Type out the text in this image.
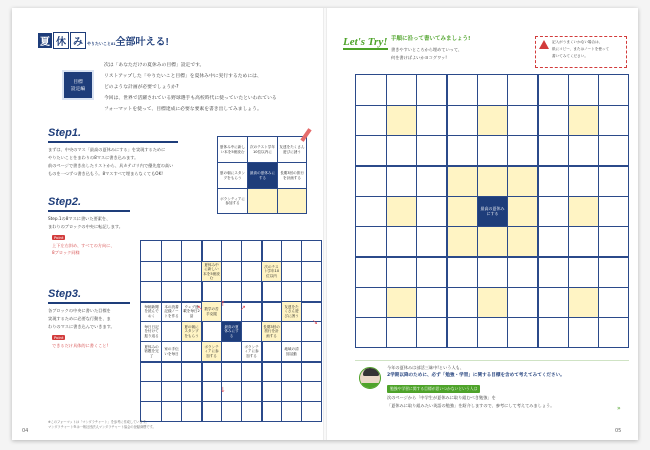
夏 休 み やりたいこと81全部叶える!
目標
設定編
次は「あなただけの夏休みの目標」設定です。
リストアップした「やりたいこと目標」を夏休み中に実行するためには、
どのような計画が必要でしょうか?
今回は、世界で活躍されている野球選手も高校時代に使っていたといわれている
フォーマットを使って、目標達成に必要な要素を書き出してみましょう。
Step1.
まずは、中央のマス「最高の夏休みにする」を実現するために
やりたいことをまわりの8マスに書き込みます。
前のページで書き出したリストから、具カテゴリ内で優先度の高い
ものを一つずつ書き込もう。8マスすべて埋まらなくてもOK!
夏休み中に新しい本を5冊読む
次のテスト学年10位以内に
友達をたくさん遊びに誘う
夏の朝にスタンプをもらう
最高の夏休みにする
長期3回の旅行を計画する
ボランティアに参加する
Step2.
Step.1の8マスに書いた要素を、
まわりのブロックの中央に転記します。
Point
上下左右斜め、すべての方向に、
8ブロック同様
Step3.
各ブロックの中央に書いた目標を
実現するために必要な行動を、ま
わりのマスに書き込んでいきます。
Point
できるだけ具体的に書くこと!
夏休み中に新しい本を5冊読む
次のテスト学年10位以内
毎朝新聞を読んでおく
本の読書記録ノートを作る
ウェブ連載を毎日2話
数学の苦手克服
友達をたくさん遊びに誘う
毎日日記を付けて振り返る
夏の朝にスタンプをもらう
最高の夏休みにする
長期3回の旅行を計画する
夏休みの宿題を完了
ボランティアに参加する
家の手伝いを毎日
ボランティアに参加する
地域の清掃活動
↑
↖	↗
↓
↘
※このフォーマットは「マンダラチャート」を参考に作成しています。
マンダラチャート®は一般社団法人マンダラチャート協会の登録商標です。
04
Let's Try! 手順に沿って書いてみましょう!
書きやすいところから埋めていって、
何を書けばよいかヨコグワッ!
記入がうまくいかない場合は、
紙にコピー、またはノートを使って
書いてみてください。
最高の夏休みにする
今年の夏休みは部活三昧中!という人も、
2学期以降のために、必ず「勉強・学習」に関する目標を含めて考えてみてください。
勉強や学習に関する目標が思いつかないという人は
次のページから「中学生が夏休みに取り組むべき勉強」を
「夏休みに取り組みたい英語の勉強」を紹介しますので、参考にして考えてみましょう。	»
05
